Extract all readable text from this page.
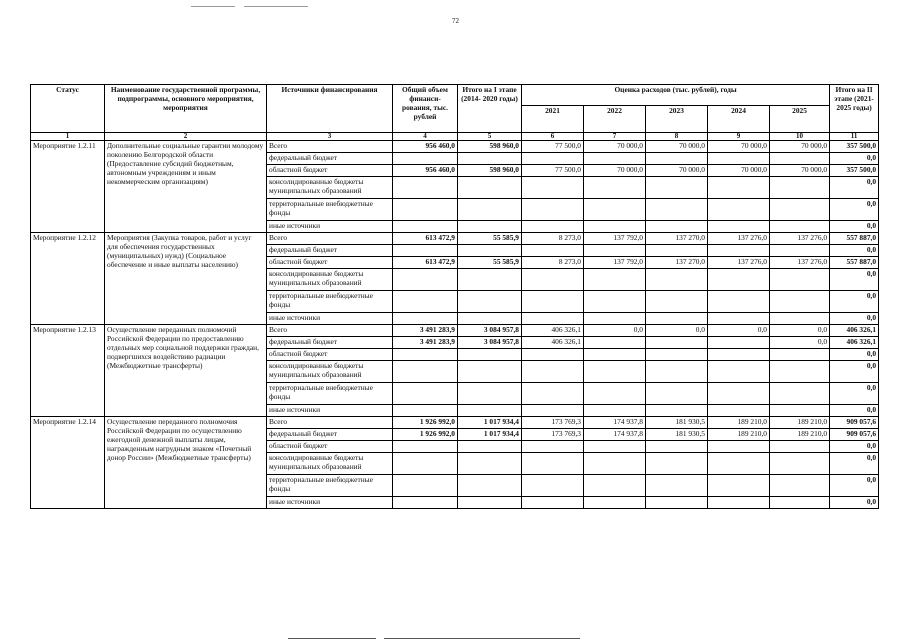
72
Статус	Наименование государственной программы, подпрограммы, основного мероприятия, мероприятия	Источники финансирования	Общий объем финанси- рования, тыс. рублей	Итого на I этапе (2014- 2020 годы)	Оценка расходов (тыс. рублей), годы					Итого на II этапе (2021- 2025 годы)
					2021	2022	2023	2024	2025	
1	2	3	4	5	6	7	8	9	10	11
Мероприятие 1.2.11	Дополнительные социальные гарантии молодому поколению Белгородской области (Предоставление субсидий бюджетным, автономным учреждениям и иным некоммерческим организациям)	Всего	956 460,0	598 960,0	77 500,0	70 000,0	70 000,0	70 000,0	70 000,0	357 500,0
		федеральный бюджет								0,0
		областной бюджет	956 460,0	598 960,0	77 500,0	70 000,0	70 000,0	70 000,0	70 000,0	357 500,0
		консолидированные бюджеты муниципальных образований								0,0
		территориальные внебюджетные фонды								0,0
		иные источники								0,0
Мероприятие 1.2.12	Мероприятия (Закупка товаров, работ и услуг для обеспечения государственных (муниципальных) нужд) (Социальное обеспечение и иные выплаты населению)	Всего	613 472,9	55 585,9	8 273,0	137 792,0	137 270,0	137 276,0	137 276,0	557 887,0
		федеральный бюджет								0,0
		областной бюджет	613 472,9	55 585,9	8 273,0	137 792,0	137 270,0	137 276,0	137 276,0	557 887,0
		консолидированные бюджеты муниципальных образований								0,0
		территориальные внебюджетные фонды								0,0
		иные источники								0,0
Мероприятие 1.2.13	Осуществление переданных полномочий Российской Федерации по предоставлению отдельных мер социальной поддержки граждан, подвергшихся воздействию радиации (Межбюджетные трансферты)	Всего	3 491 283,9	3 084 957,8	406 326,1	0,0	0,0	0,0	0,0	406 326,1
		федеральный бюджет	3 491 283,9	3 084 957,8	406 326,1				0,0	406 326,1
		областной бюджет								0,0
		консолидированные бюджеты муниципальных образований								0,0
		территориальные внебюджетные фонды								0,0
		иные источники								0,0
Мероприятие 1.2.14	Осуществление переданного полномочия Российской Федерации по осуществлению ежегодной денежной выплаты лицам, награжденным нагрудным знаком «Почетный донор России» (Межбюджетные трансферты)	Всего	1 926 992,0	1 017 934,4	173 769,3	174 937,8	181 930,5	189 210,0	189 210,0	909 057,6
		федеральный бюджет	1 926 992,0	1 017 934,4	173 769,3	174 937,8	181 930,5	189 210,0	189 210,0	909 057,6
		областной бюджет								0,0
		консолидированные бюджеты муниципальных образований								0,0
		территориальные внебюджетные фонды								0,0
		иные источники								0,0
